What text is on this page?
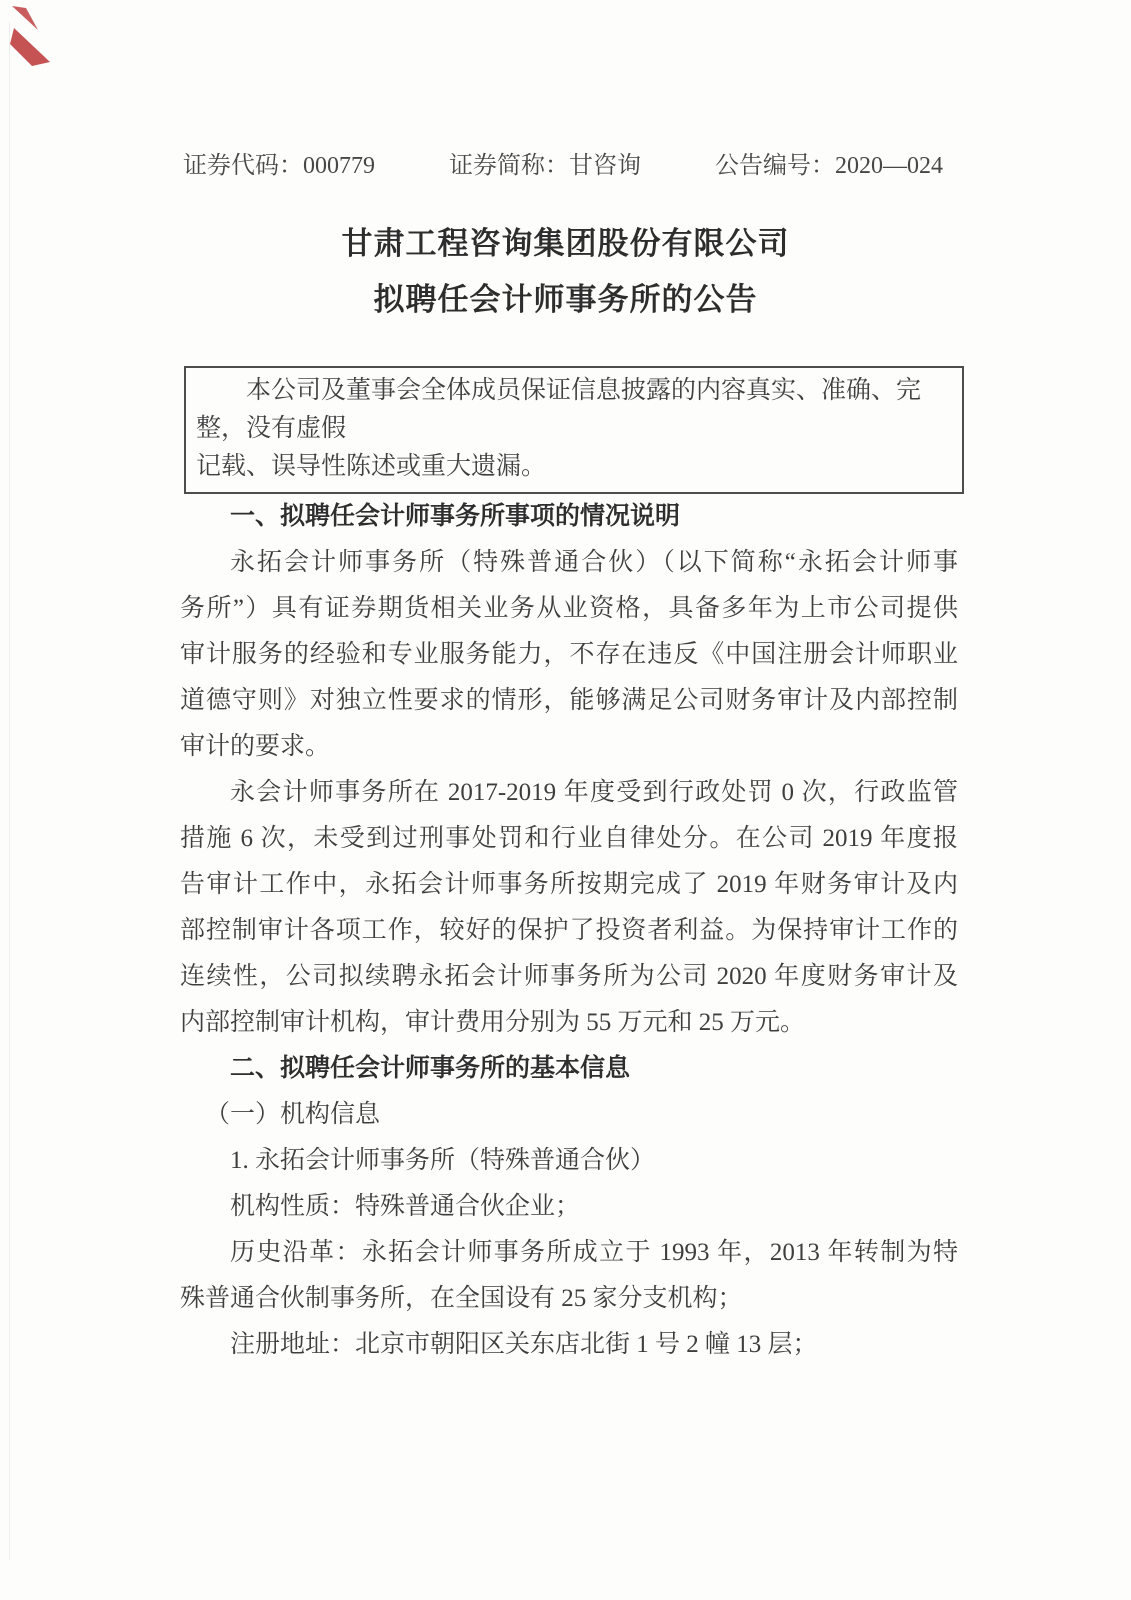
证券代码：000779	证券简称：甘咨询	公告编号：2020—024
甘肃工程咨询集团股份有限公司
拟聘任会计师事务所的公告
本公司及董事会全体成员保证信息披露的内容真实、准确、完整，没有虚假
记载、误导性陈述或重大遗漏。
一、拟聘任会计师事务所事项的情况说明
永拓会计师事务所（特殊普通合伙）（以下简称“永拓会计师事
务所”）具有证券期货相关业务从业资格，具备多年为上市公司提供
审计服务的经验和专业服务能力，不存在违反《中国注册会计师职业
道德守则》对独立性要求的情形，能够满足公司财务审计及内部控制
审计的要求。
永会计师事务所在 2017-2019 年度受到行政处罚 0 次，行政监管
措施 6 次，未受到过刑事处罚和行业自律处分。在公司 2019 年度报
告审计工作中，永拓会计师事务所按期完成了 2019 年财务审计及内
部控制审计各项工作，较好的保护了投资者利益。为保持审计工作的
连续性，公司拟续聘永拓会计师事务所为公司 2020 年度财务审计及
内部控制审计机构，审计费用分别为 55 万元和 25 万元。
二、拟聘任会计师事务所的基本信息
（一）机构信息
1. 永拓会计师事务所（特殊普通合伙）
机构性质：特殊普通合伙企业；
历史沿革：永拓会计师事务所成立于 1993 年，2013 年转制为特
殊普通合伙制事务所，在全国设有 25 家分支机构；
注册地址：北京市朝阳区关东店北街 1 号 2 幢 13 层；
